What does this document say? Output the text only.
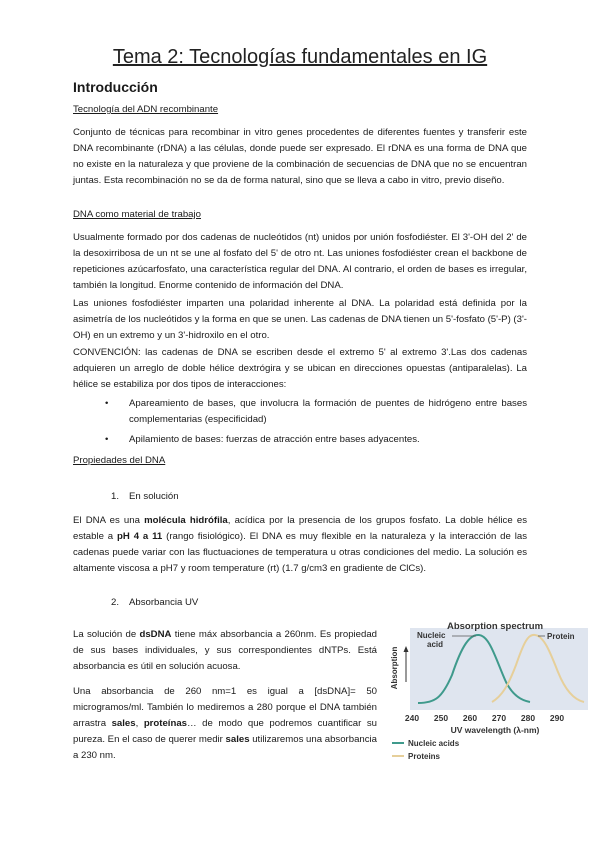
Tema 2: Tecnologías fundamentales en IG
Introducción
Tecnología del ADN recombinante
Conjunto de técnicas para recombinar in vitro genes procedentes de diferentes fuentes y transferir este DNA recombinante (rDNA) a las células, donde puede ser expresado. El rDNA es una forma de DNA que no existe en la naturaleza y que proviene de la combinación de secuencias de DNA que no se encuentran juntas. Esta recombinación no se da de forma natural, sino que se lleva a cabo in vitro, previo diseño.
DNA como material de trabajo
Usualmente formado por dos cadenas de nucleótidos (nt) unidos por unión fosfodiéster. El 3'-OH del 2' de la desoxirribosa de un nt se une al fosfato del 5' de otro nt. Las uniones fosfodiéster crean el backbone de repeticiones azúcarfosfato, una característica regular del DNA. Al contrario, el orden de bases es irregular, también la longitud. Enorme contenido de información del DNA.
Las uniones fosfodiéster imparten una polaridad inherente al DNA. La polaridad está definida por la asimetría de los nucleótidos y la forma en que se unen. Las cadenas de DNA tienen un 5'-fosfato (5'-P) (3'-OH) en un extremo y un 3'-hidroxilo en el otro.
CONVENCIÓN: las cadenas de DNA se escriben desde el extremo 5' al extremo 3'.Las dos cadenas adquieren un arreglo de doble hélice dextrógira y se ubican en direcciones opuestas (antiparalelas). La hélice se estabiliza por dos tipos de interacciones:
• Apareamiento de bases, que involucra la formación de puentes de hidrógeno entre bases complementarias (especificidad)
• Apilamiento de bases: fuerzas de atracción entre bases adyacentes.
Propiedades del DNA
1. En solución
El DNA es una molécula hidrófila, acídica por la presencia de los grupos fosfato. La doble hélice es estable a pH 4 a 11 (rango fisiológico). El DNA es muy flexible en la naturaleza y la interacción de las cadenas puede variar con las fluctuaciones de temperatura u otras condiciones del medio. La solución es altamente viscosa a pH7 y room temperature (rt) (1.7 g/cm3 en gradiente de ClCs).
2. Absorbancia UV
La solución de dsDNA tiene máx absorbancia a 260nm. Es propiedad de sus bases individuales, y sus correspondientes dNTPs. Está absorbancia es útil en solución acuosa.
Una absorbancia de 260 nm=1 es igual a [dsDNA]= 50 microgramos/ml. También lo mediremos a 280 porque el DNA también arrastra sales, proteínas… de modo que podremos cuantificar su pureza. En el caso de querer medir sales utilizaremos una absorbancia a 230 nm.
Absorption spectrum
Absorption
Nucleic
acid
Protein
240 250 260 270 280 290
UV wavelength (λ-nm)
Nucleic acids
Proteins
